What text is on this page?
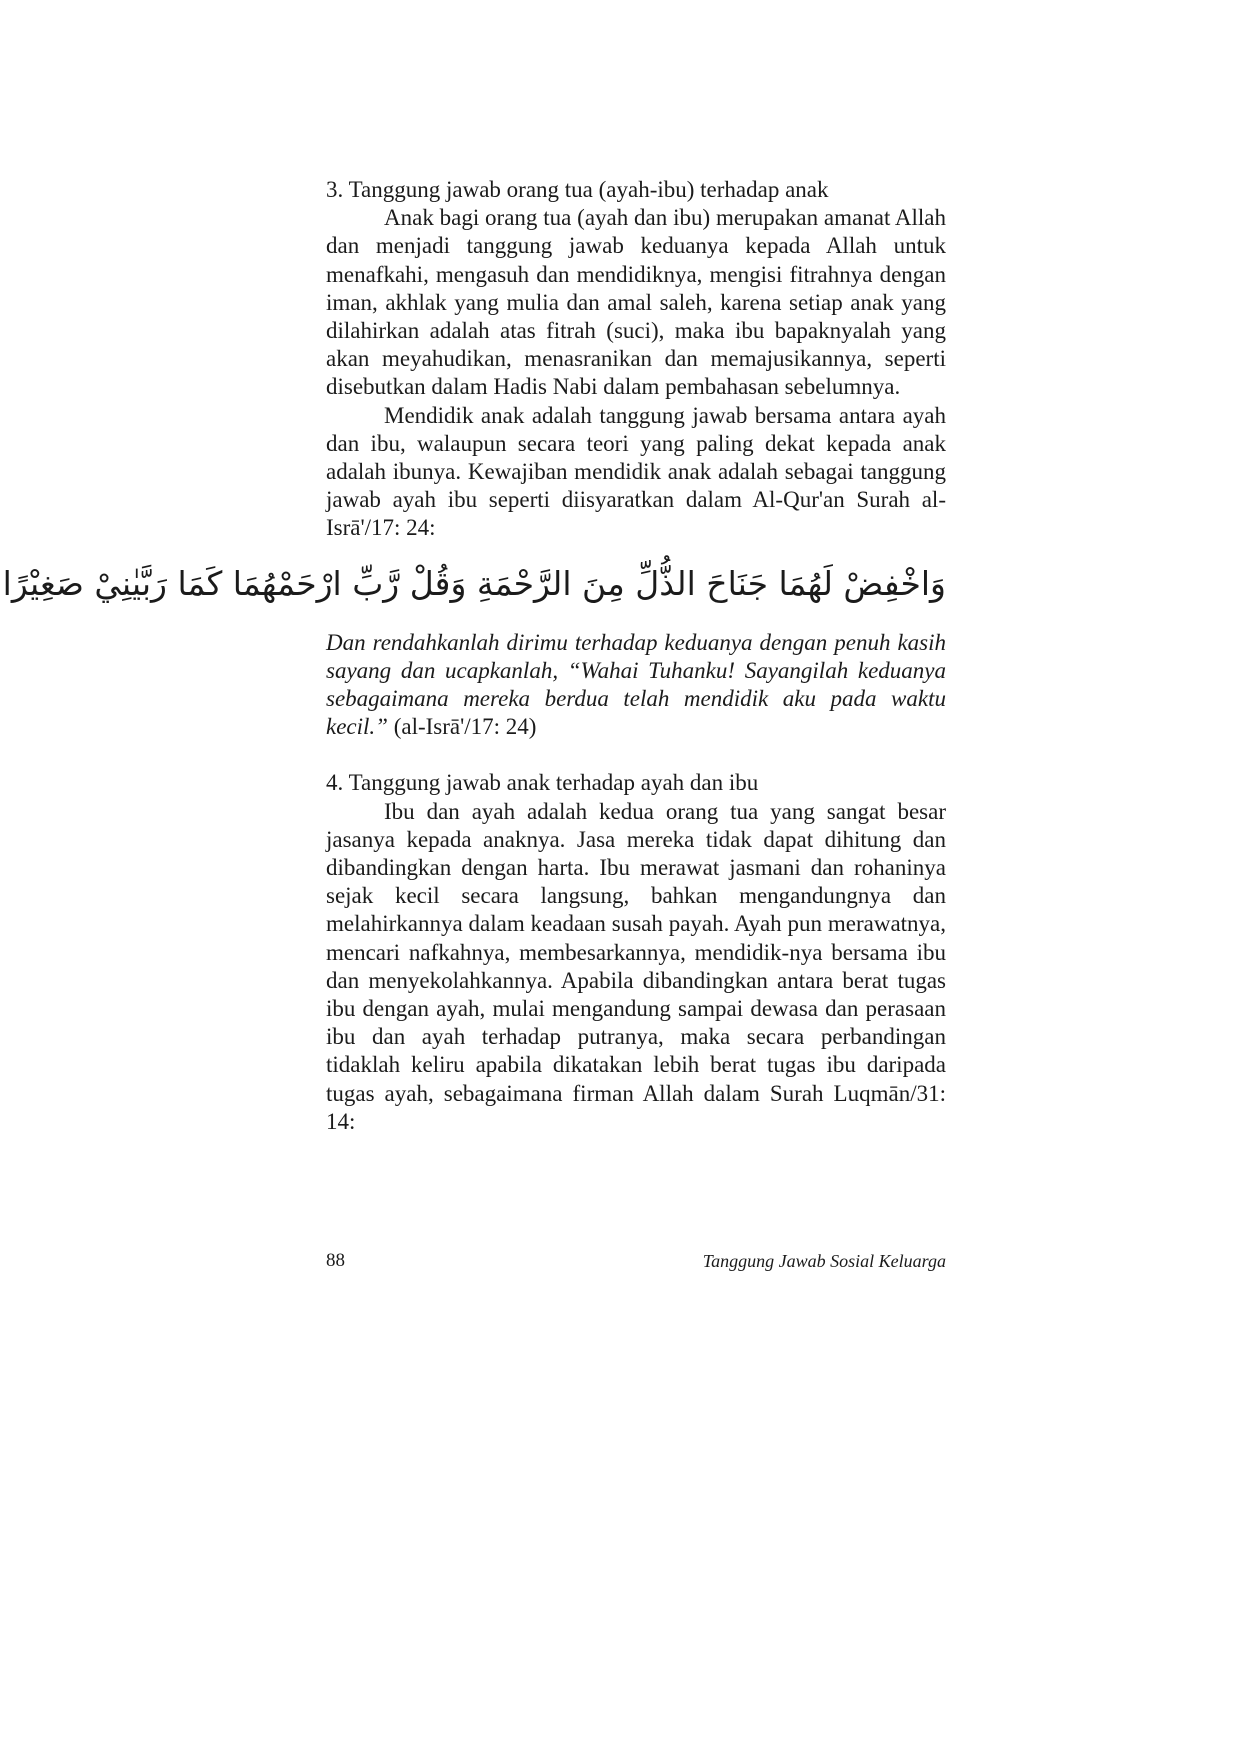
3. Tanggung jawab orang tua (ayah-ibu) terhadap anak

Anak bagi orang tua (ayah dan ibu) merupakan amanat Allah dan menjadi tanggung jawab keduanya kepada Allah untuk menafkahi, mengasuh dan mendidiknya, mengisi fitrahnya dengan iman, akhlak yang mulia dan amal saleh, karena setiap anak yang dilahirkan adalah atas fitrah (suci), maka ibu bapaknyalah yang akan meyahudikan, menasranikan dan memajusikannya, seperti disebutkan dalam Hadis Nabi dalam pembahasan sebelumnya.

Mendidik anak adalah tanggung jawab bersama antara ayah dan ibu, walaupun secara teori yang paling dekat kepada anak adalah ibunya. Kewajiban mendidik anak adalah sebagai tanggung jawab ayah ibu seperti diisyaratkan dalam Al-Qur'an Surah al-Isrā'/17: 24:

وَاخْفِضْ لَهُمَا جَنَاحَ الذُّلِّ مِنَ الرَّحْمَةِ وَقُلْ رَّبِّ ارْحَمْهُمَا كَمَا رَبَّيٰنِيْ صَغِيْرًا

Dan rendahkanlah dirimu terhadap keduanya dengan penuh kasih sayang dan ucapkanlah, “Wahai Tuhanku! Sayangilah keduanya sebagaimana mereka berdua telah mendidik aku pada waktu kecil.” (al-Isrā'/17: 24)

4. Tanggung jawab anak terhadap ayah dan ibu

Ibu dan ayah adalah kedua orang tua yang sangat besar jasanya kepada anaknya. Jasa mereka tidak dapat dihitung dan dibandingkan dengan harta. Ibu merawat jasmani dan rohaninya sejak kecil secara langsung, bahkan mengandungnya dan melahirkannya dalam keadaan susah payah. Ayah pun merawatnya, mencari nafkahnya, membesarkannya, mendidik-nya bersama ibu dan menyekolahkannya. Apabila dibandingkan antara berat tugas ibu dengan ayah, mulai mengandung sampai dewasa dan perasaan ibu dan ayah terhadap putranya, maka secara perbandingan tidaklah keliru apabila dikatakan lebih berat tugas ibu daripada tugas ayah, sebagaimana firman Allah dalam Surah Luqmān/31: 14:

88	Tanggung Jawab Sosial Keluarga
